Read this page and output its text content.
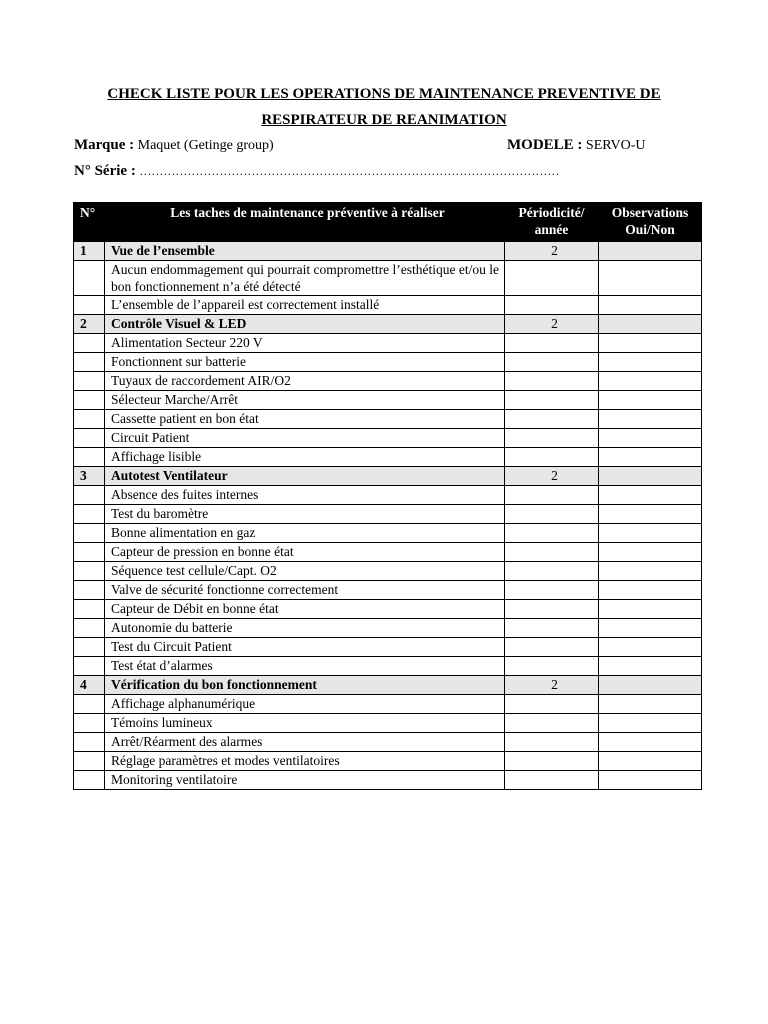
CHECK LISTE POUR LES OPERATIONS DE MAINTENANCE PREVENTIVE DE
RESPIRATEUR DE REANIMATION
Marque : Maquet (Getinge group)	MODELE : SERVO-U
N° Série : ……………………………………………………………………………………………
N°	Les taches de maintenance préventive à réaliser	Périodicité/ année	Observations Oui/Non
1	Vue de l’ensemble	2	
	Aucun endommagement qui pourrait compromettre l’esthétique et/ou le bon fonctionnement n’a été détecté		
	L’ensemble de l’appareil est correctement installé		
2	Contrôle Visuel & LED	2	
	Alimentation Secteur 220 V		
	Fonctionnent sur batterie		
	Tuyaux de raccordement AIR/O2		
	Sélecteur Marche/Arrêt		
	Cassette patient en bon état		
	Circuit Patient		
	Affichage lisible		
3	Autotest Ventilateur	2	
	Absence des fuites internes		
	Test du baromètre		
	Bonne alimentation en gaz		
	Capteur de pression en bonne état		
	Séquence test cellule/Capt. O2		
	Valve de sécurité fonctionne correctement		
	Capteur de Débit en bonne état		
	Autonomie du batterie		
	Test du Circuit Patient		
	Test état d’alarmes		
4	Vérification du bon fonctionnement	2	
	Affichage alphanumérique		
	Témoins lumineux		
	Arrêt/Réarment des alarmes		
	Réglage paramètres et modes ventilatoires		
	Monitoring ventilatoire		
